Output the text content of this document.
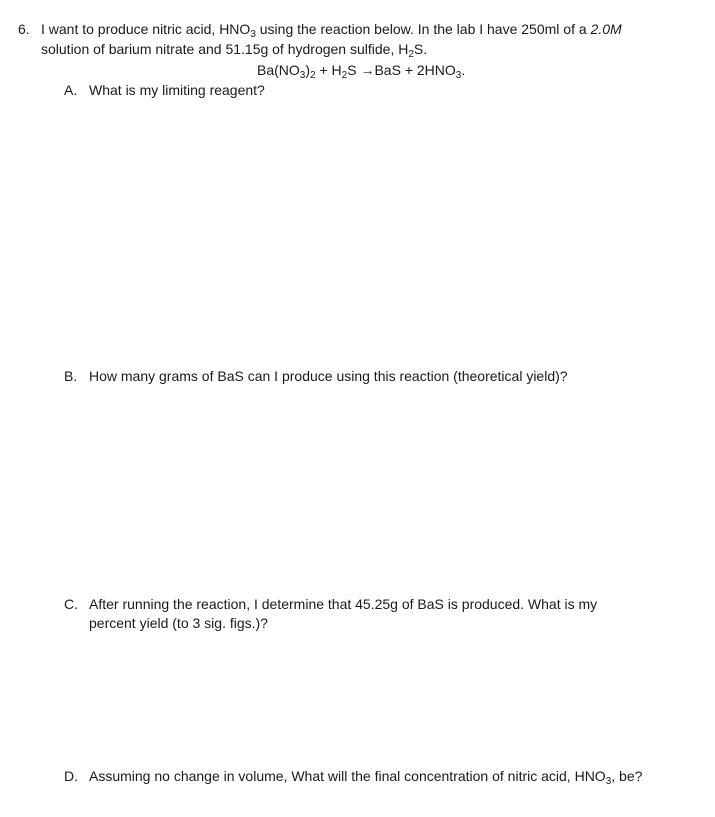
6. I want to produce nitric acid, $HNO_3$ using the reaction below. In the lab I have 250ml of a 2.0M
solution of barium nitrate and 51.15g of hydrogen sulfide, $H_2S$.
$Ba(NO_3)_2 + H_2S \to BaS + 2HNO_3$.
A. What is my limiting reagent?
B. How many grams of BaS can I produce using this reaction (theoretical yield)?
C. After running the reaction, I determine that 45.25g of BaS is produced. What is my
percent yield (to 3 sig. figs.)?
D. Assuming no change in volume, What will the final concentration of nitric acid, $HNO_3$, be?
